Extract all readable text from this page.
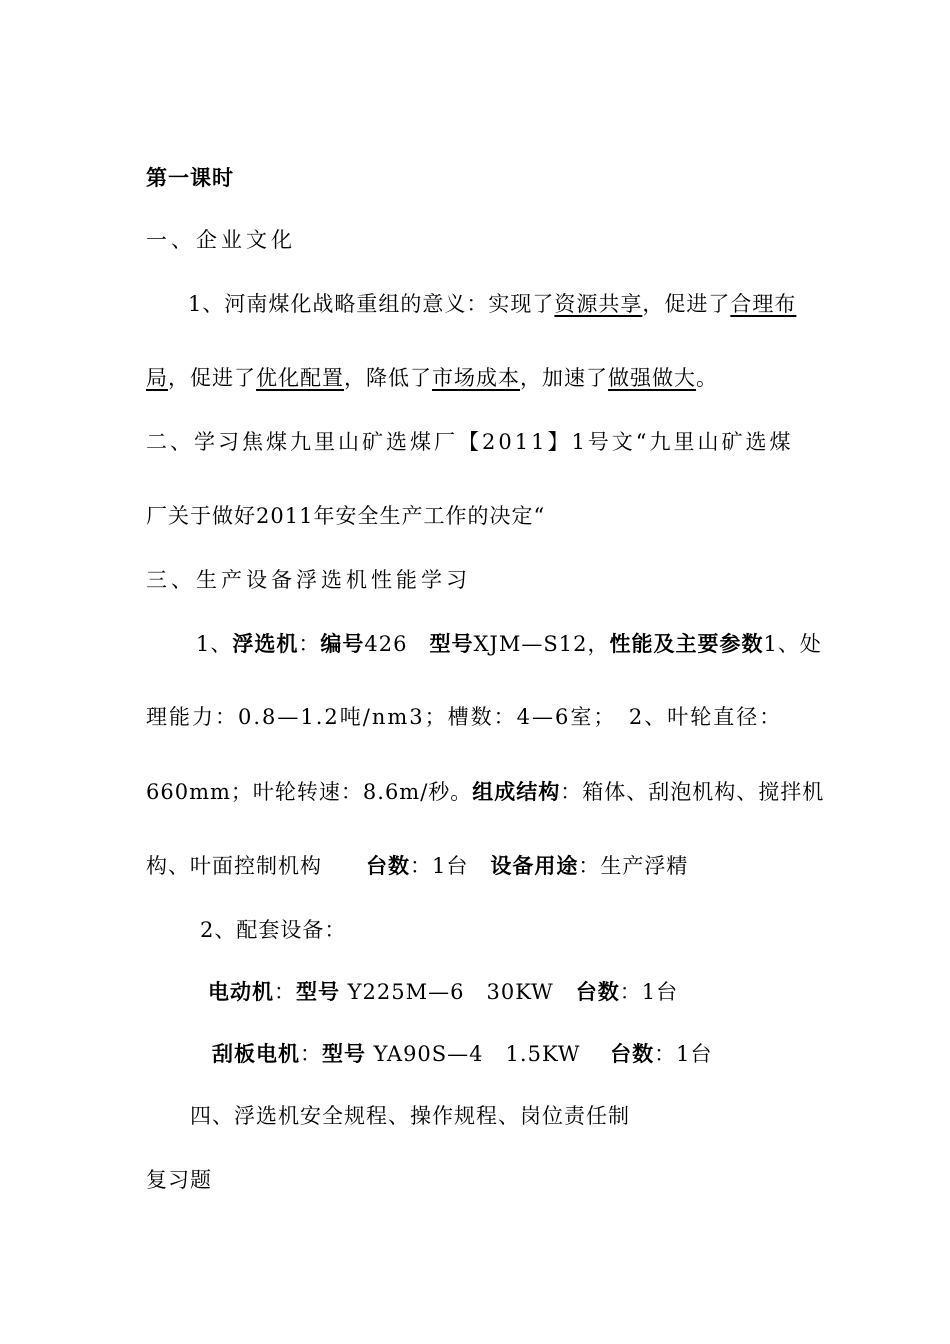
第一课时
一、企业文化
1、河南煤化战略重组的意义：实现了资源共享，促进了合理布
局，促进了优化配置，降低了市场成本，加速了做强做大。
二、学习焦煤九里山矿选煤厂【2011】1号文“九里山矿选煤
厂关于做好2011年安全生产工作的决定“
三、生产设备浮选机性能学习
1、浮选机：编号426　型号XJM—S12，性能及主要参数1、处
理能力：0.8—1.2吨/nm3；槽数：4—6室；　2、叶轮直径：
660mm；叶轮转速：8.6m/秒。组成结构：箱体、刮泡机构、搅拌机
构、叶面控制机构　　台数：1台　设备用途：生产浮精
2、配套设备：
电动机：型号 Y225M—6　30KW　台数：1台
刮板电机：型号 YA90S—4　1.5KW　 台数：1台
四、浮选机安全规程、操作规程、岗位责任制
复习题
